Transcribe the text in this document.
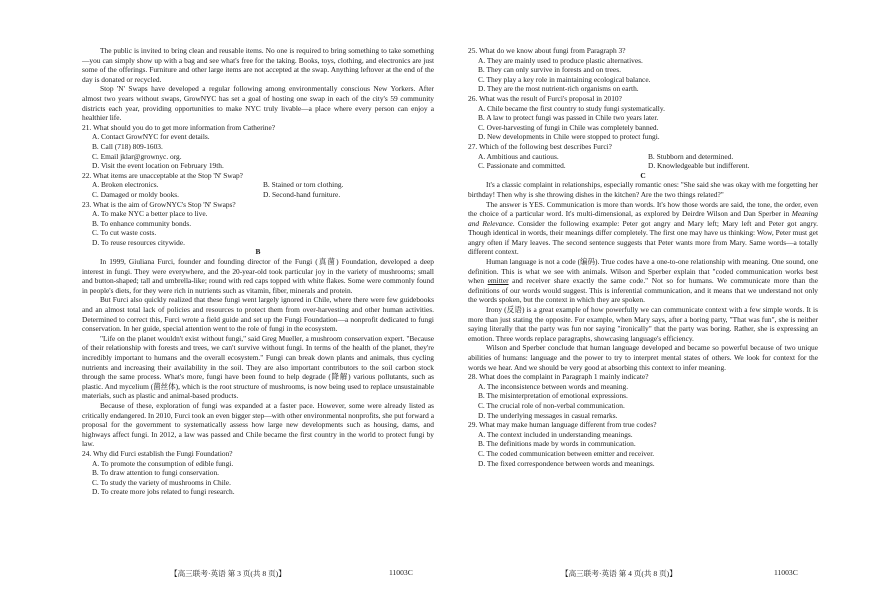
The public is invited to bring clean and reusable items. No one is required to bring something to take something—you can simply show up with a bag and see what's free for the taking. Books, toys, clothing, and electronics are just some of the offerings. Furniture and other large items are not accepted at the swap. Anything leftover at the end of the day is donated or recycled.

Stop 'N' Swaps have developed a regular following among environmentally conscious New Yorkers. After almost two years without swaps, GrowNYC has set a goal of hosting one swap in each of the city's 59 community districts each year, providing opportunities to make NYC truly livable—a place where every person can enjoy a healthier life.

21. What should you do to get more information from Catherine?

A. Contact GrowNYC for event details.

B. Call (718) 809-1603.

C. Email jklar@grownyc. org.

D. Visit the event location on February 19th.

22. What items are unacceptable at the Stop 'N' Swap?

A. Broken electronics.	B. Stained or torn clothing.
C. Damaged or moldy books.	D. Second-hand furniture.

23. What is the aim of GrowNYC's Stop 'N' Swaps?

A. To make NYC a better place to live.

B. To enhance community bonds.

C. To cut waste costs.

D. To reuse resources citywide.

B

In 1999, Giuliana Furci, founder and founding director of the Fungi (真菌) Foundation, developed a deep interest in fungi. They were everywhere, and the 20-year-old took particular joy in the variety of mushrooms; small and button-shaped; tall and umbrella-like; round with red caps topped with white flakes. Some were commonly found in people's diets, for they were rich in nutrients such as vitamin, fiber, minerals and protein.

But Furci also quickly realized that these fungi went largely ignored in Chile, where there were few guidebooks and an almost total lack of policies and resources to protect them from over-harvesting and other human activities. Determined to correct this, Furci wrote a field guide and set up the Fungi Foundation—a nonprofit dedicated to fungi conservation. In her guide, special attention went to the role of fungi in the ecosystem.

"Life on the planet wouldn't exist without fungi," said Greg Mueller, a mushroom conservation expert. "Because of their relationship with forests and trees, we can't survive without fungi. In terms of the health of the planet, they're incredibly important to humans and the overall ecosystem." Fungi can break down plants and animals, thus cycling nutrients and increasing their availability in the soil. They are also important contributors to the soil carbon stock through the same process. What's more, fungi have been found to help degrade (降解) various pollutants, such as plastic. And mycelium (菌丝体), which is the root structure of mushrooms, is now being used to replace unsustainable materials, such as plastic and animal-based products.

Because of these, exploration of fungi was expanded at a faster pace. However, some were already listed as critically endangered. In 2010, Furci took an even bigger step—with other environmental nonprofits, she put forward a proposal for the government to systematically assess how large new developments such as housing, dams, and highways affect fungi. In 2012, a law was passed and Chile became the first country in the world to protect fungi by law.

24. Why did Furci establish the Fungi Foundation?

A. To promote the consumption of edible fungi.

B. To draw attention to fungi conservation.

C. To study the variety of mushrooms in Chile.

D. To create more jobs related to fungi research.

【高三联考·英语 第 3 页(共 8 页)】	11003C

25. What do we know about fungi from Paragraph 3?

A. They are mainly used to produce plastic alternatives.

B. They can only survive in forests and on trees.

C. They play a key role in maintaining ecological balance.

D. They are the most nutrient-rich organisms on earth.

26. What was the result of Furci's proposal in 2010?

A. Chile became the first country to study fungi systematically.

B. A law to protect fungi was passed in Chile two years later.

C. Over-harvesting of fungi in Chile was completely banned.

D. New developments in Chile were stopped to protect fungi.

27. Which of the following best describes Furci?

A. Ambitious and cautious.	B. Stubborn and determined.
C. Passionate and committed.	D. Knowledgeable but indifferent.

C

It's a classic complaint in relationships, especially romantic ones: "She said she was okay with me forgetting her birthday! Then why is she throwing dishes in the kitchen? Are the two things related?"

The answer is YES. Communication is more than words. It's how those words are said, the tone, the order, even the choice of a particular word. It's multi-dimensional, as explored by Deirdre Wilson and Dan Sperber in Meaning and Relevance. Consider the following example: Peter got angry and Mary left; Mary left and Peter got angry. Though identical in words, their meanings differ completely. The first one may have us thinking: Wow, Peter must get angry often if Mary leaves. The second sentence suggests that Peter wants more from Mary. Same words—a totally different context.

Human language is not a code (编码). True codes have a one-to-one relationship with meaning. One sound, one definition. This is what we see with animals. Wilson and Sperber explain that "coded communication works best when emitter and receiver share exactly the same code." Not so for humans. We communicate more than the definitions of our words would suggest. This is inferential communication, and it means that we understand not only the words spoken, but the context in which they are spoken.

Irony (反语) is a great example of how powerfully we can communicate context with a few simple words. It is more than just stating the opposite. For example, when Mary says, after a boring party, "That was fun", she is neither saying literally that the party was fun nor saying "ironically" that the party was boring. Rather, she is expressing an emotion. Three words replace paragraphs, showcasing language's efficiency.

Wilson and Sperber conclude that human language developed and became so powerful because of two unique abilities of humans: language and the power to try to interpret mental states of others. We look for context for the words we hear. And we should be very good at absorbing this context to infer meaning.

28. What does the complaint in Paragraph 1 mainly indicate?

A. The inconsistence between words and meaning.

B. The misinterpretation of emotional expressions.

C. The crucial role of non-verbal communication.

D. The underlying messages in casual remarks.

29. What may make human language different from true codes?

A. The context included in understanding meanings.

B. The definitions made by words in communication.

C. The coded communication between emitter and receiver.

D. The fixed correspondence between words and meanings.

【高三联考·英语 第 4 页(共 8 页)】	11003C
